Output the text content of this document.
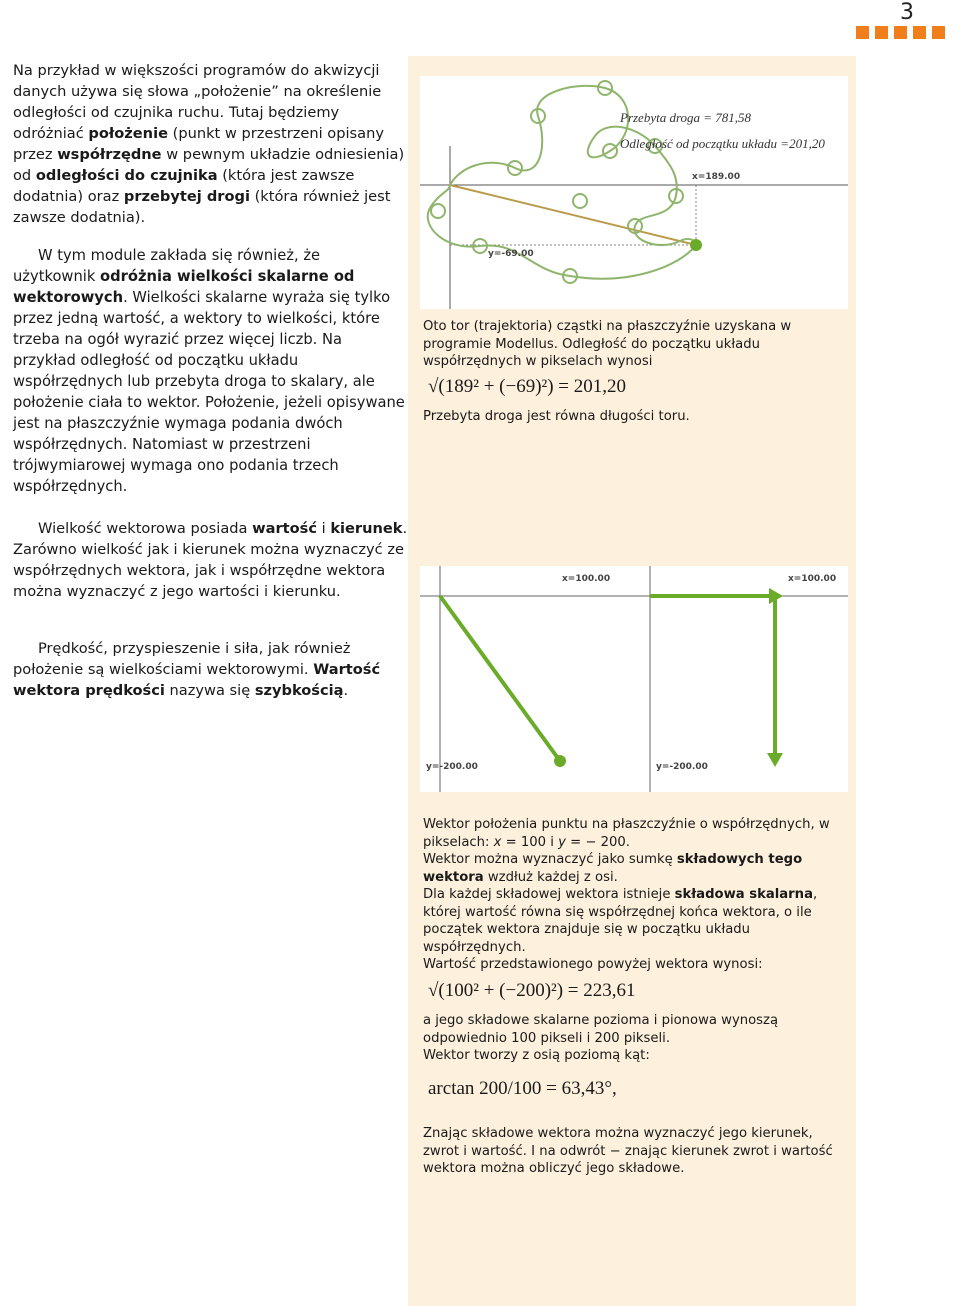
3

Na przykład w większości programów do akwizycji danych używa się słowa „położenie” na określenie odległości od czujnika ruchu. Tutaj będziemy odróżniać położenie (punkt w przestrzeni opisany przez współrzędne w pewnym układzie odniesienia) od odległości do czujnika (która jest zawsze dodatnia) oraz przebytej drogi (która również jest zawsze dodatnia).

W tym module zakłada się również, że użytkownik odróżnia wielkości skalarne od wektorowych. Wielkości skalarne wyraża się tylko przez jedną wartość, a wektory to wielkości, które trzeba na ogół wyrazić przez więcej liczb. Na przykład odległość od początku układu współrzędnych lub przebyta droga to skalary, ale położenie ciała to wektor. Położenie, jeżeli opisywane jest na płaszczyźnie wymaga podania dwóch współrzędnych. Natomiast w przestrzeni trójwymiarowej wymaga ono podania trzech współrzędnych.

Wielkość wektorowa posiada wartość i kierunek. Zarówno wielkość jak i kierunek można wyznaczyć ze współrzędnych wektora, jak i współrzędne wektora można wyznaczyć z jego wartości i kierunku.

Prędkość, przyspieszenie i siła, jak również położenie są wielkościami wektorowymi. Wartość wektora prędkości nazywa się szybkością.

Przebyta droga = 781,58
Odległość od początku układu =201,20
x=189.00
y=-69.00

Oto tor (trajektoria) cząstki na płaszczyźnie uzyskana w programie Modellus. Odległość do początku układu współrzędnych w pikselach wynosi

√(189² + (−69)²) = 201,20

Przebyta droga jest równa długości toru.

x=100.00
y=-200.00
x=100.00
y=-200.00

Wektor położenia punktu na płaszczyźnie o współrzędnych, w pikselach: x = 100 i y = − 200.

Wektor można wyznaczyć jako sumkę składowych tego wektora wzdłuż każdej z osi.

Dla każdej składowej wektora istnieje składowa skalarna, której wartość równa się współrzędnej końca wektora, o ile początek wektora znajduje się w początku układu współrzędnych.

Wartość przedstawionego powyżej wektora wynosi:

√(100² + (−200)²) = 223,61

a jego składowe skalarne pozioma i pionowa wynoszą odpowiednio 100 pikseli i 200 pikseli.

Wektor tworzy z osią poziomą kąt:

arctan 200/100 = 63,43°,

Znając składowe wektora można wyznaczyć jego kierunek, zwrot i wartość. I na odwrót − znając kierunek zwrot i wartość wektora można obliczyć jego składowe.
